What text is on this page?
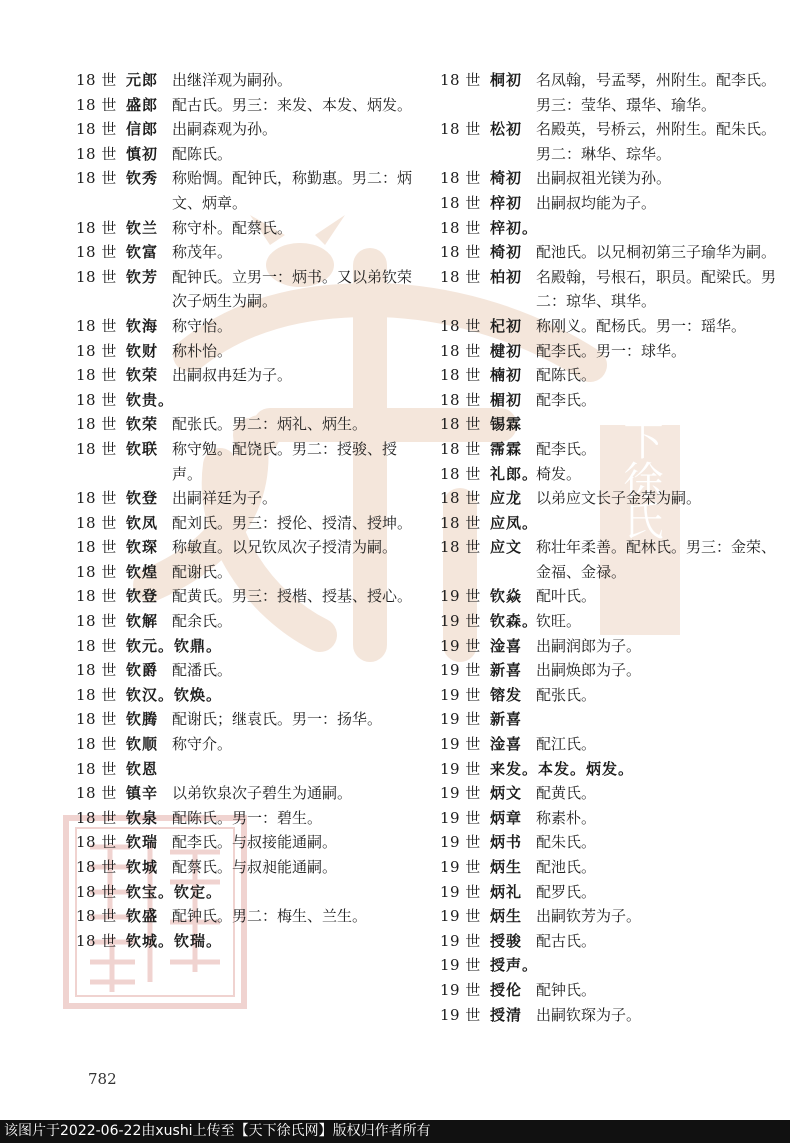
天下徐氏
18 世 元郎 出继洋观为嗣孙。
18 世 盛郎 配古氏。男三：来发、本发、炳发。
18 世 信郎 出嗣森观为孙。
18 世 慎初 配陈氏。
18 世 钦秀 称贻惆。配钟氏，称勤惠。男二：炳文、炳章。
18 世 钦兰 称守朴。配蔡氏。
18 世 钦富 称茂年。
18 世 钦芳 配钟氏。立男一：炳书。又以弟钦荣次子炳生为嗣。
18 世 钦海 称守怡。
18 世 钦财 称朴怡。
18 世 钦荣 出嗣叔冉廷为子。
18 世 钦贵。
18 世 钦荣 配张氏。男二：炳礼、炳生。
18 世 钦联 称守勉。配饶氏。男二：授骏、授声。
18 世 钦登 出嗣祥廷为子。
18 世 钦凤 配刘氏。男三：授伦、授清、授坤。
18 世 钦琛 称敏直。以兄钦凤次子授清为嗣。
18 世 钦煌 配谢氏。
18 世 钦登 配黄氏。男三：授楷、授基、授心。
18 世 钦解 配余氏。
18 世 钦元。钦鼎。
18 世 钦爵 配潘氏。
18 世 钦汉。钦焕。
18 世 钦腾 配谢氏；继袁氏。男一：扬华。
18 世 钦顺 称守介。
18 世 钦恩
18 世 镇辛 以弟钦泉次子碧生为通嗣。
18 世 钦泉 配陈氏。男一：碧生。
18 世 钦瑞 配李氏。与叔接能通嗣。
18 世 钦城 配蔡氏。与叔昶能通嗣。
18 世 钦宝。钦定。
18 世 钦盛 配钟氏。男二：梅生、兰生。
18 世 钦城。钦瑞。
18 世 桐初 名凤翰，号孟琴，州附生。配李氏。男三：莹华、璟华、瑜华。
18 世 松初 名殿英，号桥云，州附生。配朱氏。男二：琳华、琮华。
18 世 椅初 出嗣叔祖光镁为孙。
18 世 梓初 出嗣叔均能为子。
18 世 梓初。
18 世 椅初 配池氏。以兄桐初第三子瑜华为嗣。
18 世 柏初 名殿翰，号根石，职员。配梁氏。男二：琼华、琪华。
18 世 杞初 称刚义。配杨氏。男一：瑶华。
18 世 楗初 配李氏。男一：球华。
18 世 楠初 配陈氏。
18 世 楣初 配李氏。
18 世 锡霖
18 世 霈霖 配李氏。
18 世 礼郎。
椅发。
18 世 应龙 以弟应文长子金荣为嗣。
18 世 应凤。
18 世 应文 称壮年柔善。配林氏。男三：金荣、金福、金禄。
19 世 钦焱 配叶氏。
19 世 钦森。
钦旺。
19 世 淦喜 出嗣润郎为子。
19 世 新喜 出嗣焕郎为子。
19 世 镕发 配张氏。
19 世 新喜
19 世 淦喜 配江氏。
19 世 来发。本发。炳发。
19 世 炳文 配黄氏。
19 世 炳章 称素朴。
19 世 炳书 配朱氏。
19 世 炳生 配池氏。
19 世 炳礼 配罗氏。
19 世 炳生 出嗣钦芳为子。
19 世 授骏 配古氏。
19 世 授声。
19 世 授伦 配钟氏。
19 世 授清 出嗣钦琛为子。
782
该图片于2022-06-22由xushi上传至【天下徐氏网】版权归作者所有
